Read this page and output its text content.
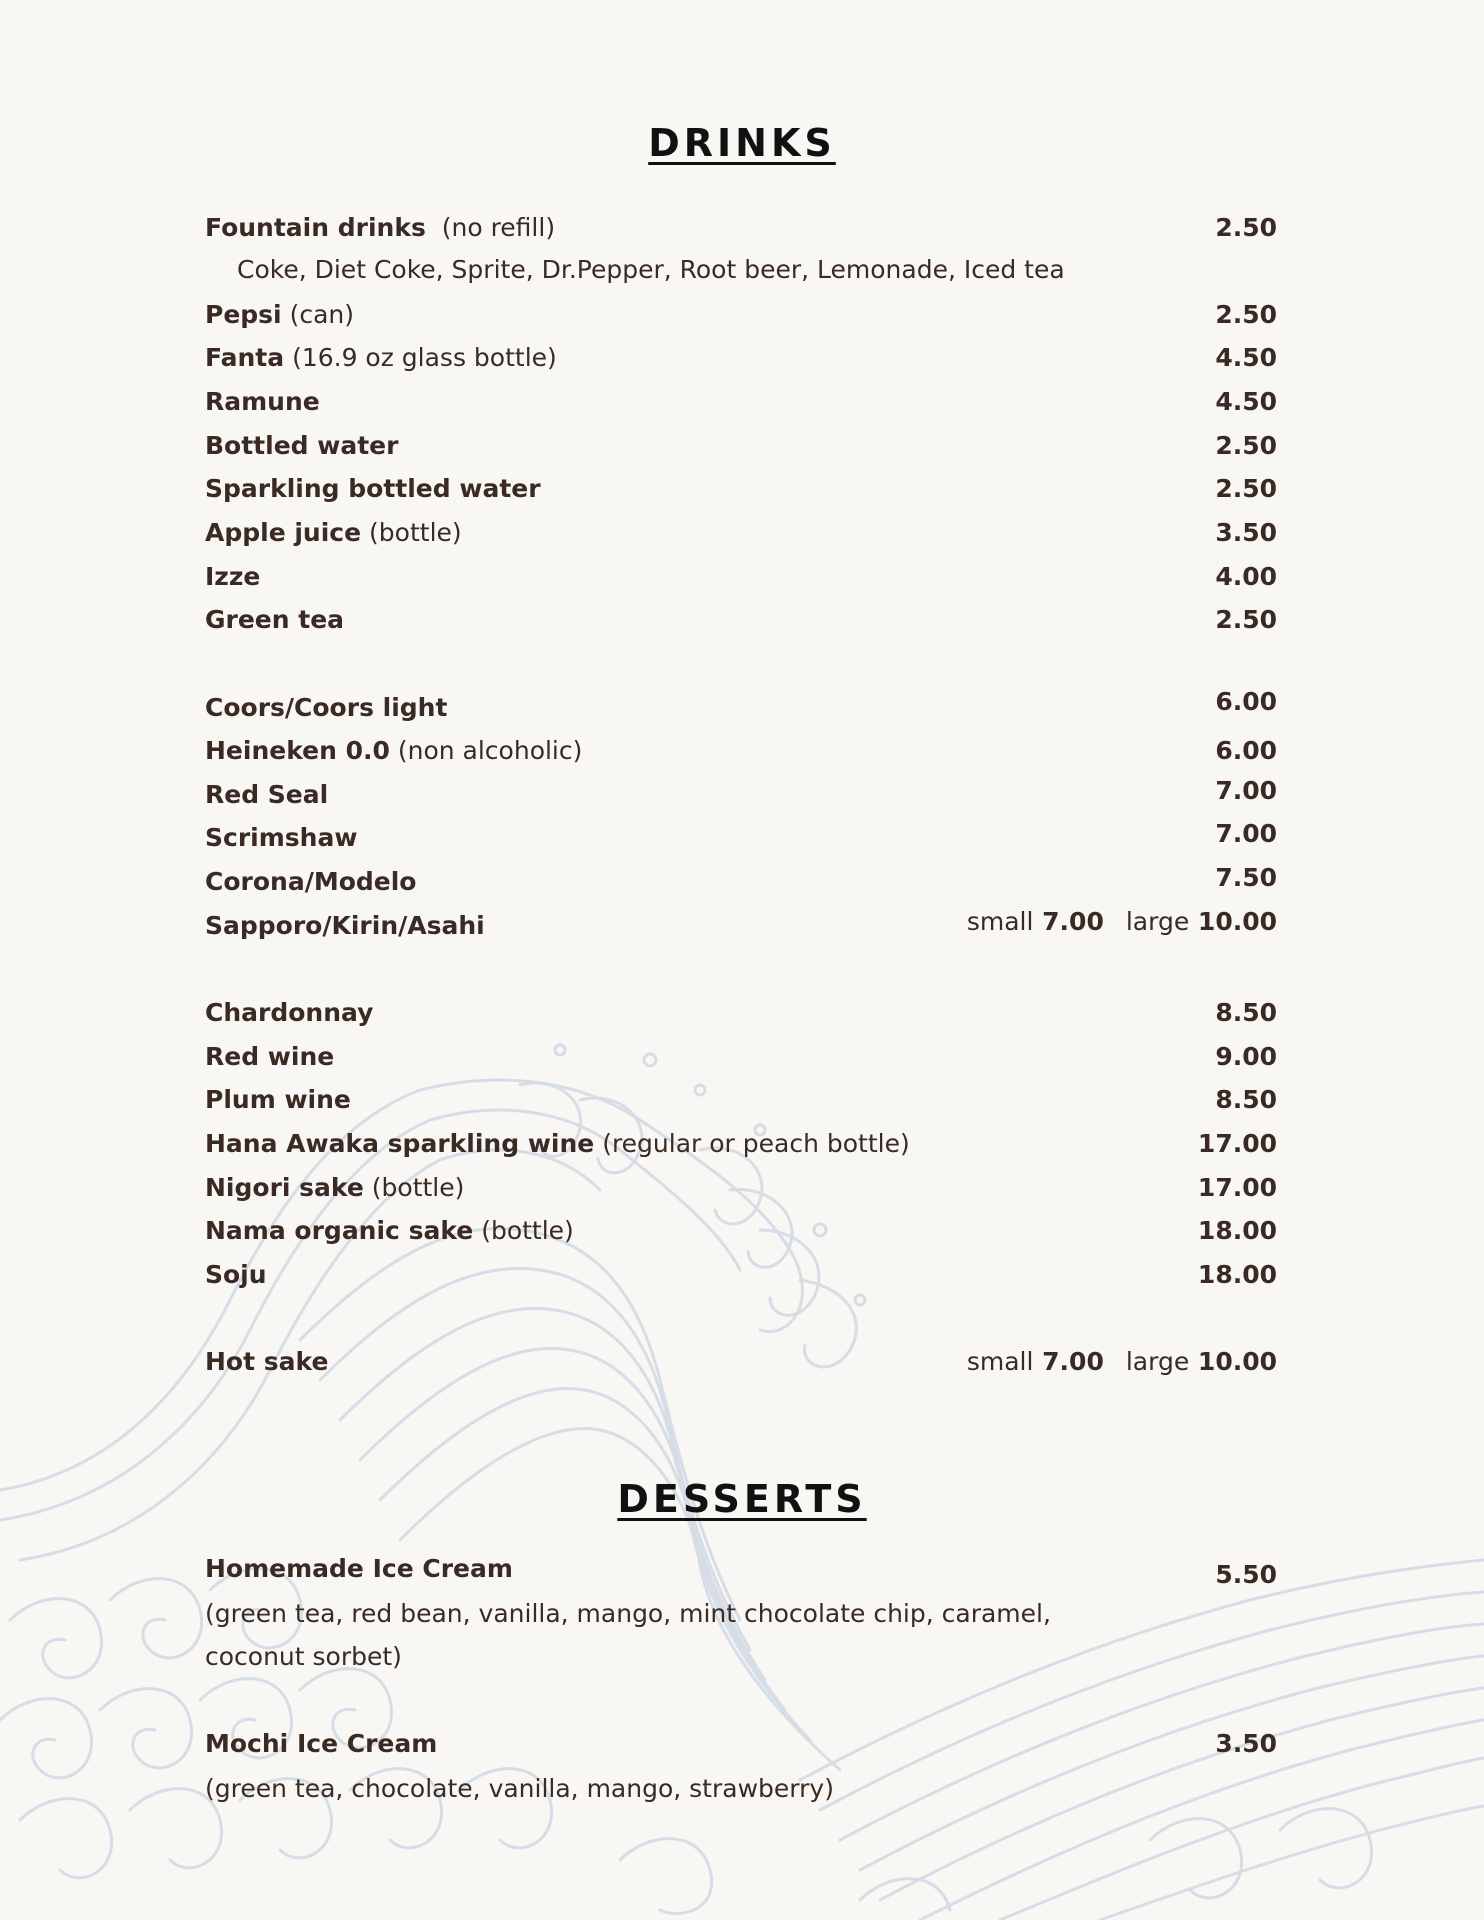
DRINKS
Fountain drinks (no refill)	2.50
Coke, Diet Coke, Sprite, Dr.Pepper, Root beer, Lemonade, Iced tea
Pepsi (can)	2.50
Fanta (16.9 oz glass bottle)	4.50
Ramune	4.50
Bottled water	2.50
Sparkling bottled water	2.50
Apple juice (bottle)	3.50
Izze	4.00
Green tea	2.50
Coors/Coors light	6.00
Heineken 0.0 (non alcoholic)	6.00
Red Seal	7.00
Scrimshaw	7.00
Corona/Modelo	7.50
Sapporo/Kirin/Asahi	small 7.00 large 10.00
Chardonnay	8.50
Red wine	9.00
Plum wine	8.50
Hana Awaka sparkling wine (regular or peach bottle)	17.00
Nigori sake (bottle)	17.00
Nama organic sake (bottle)	18.00
Soju	18.00
Hot sake	small 7.00 large 10.00
DESSERTS
Homemade Ice Cream	5.50
(green tea, red bean, vanilla, mango, mint chocolate chip, caramel, coconut sorbet)
Mochi Ice Cream	3.50
(green tea, chocolate, vanilla, mango, strawberry)
